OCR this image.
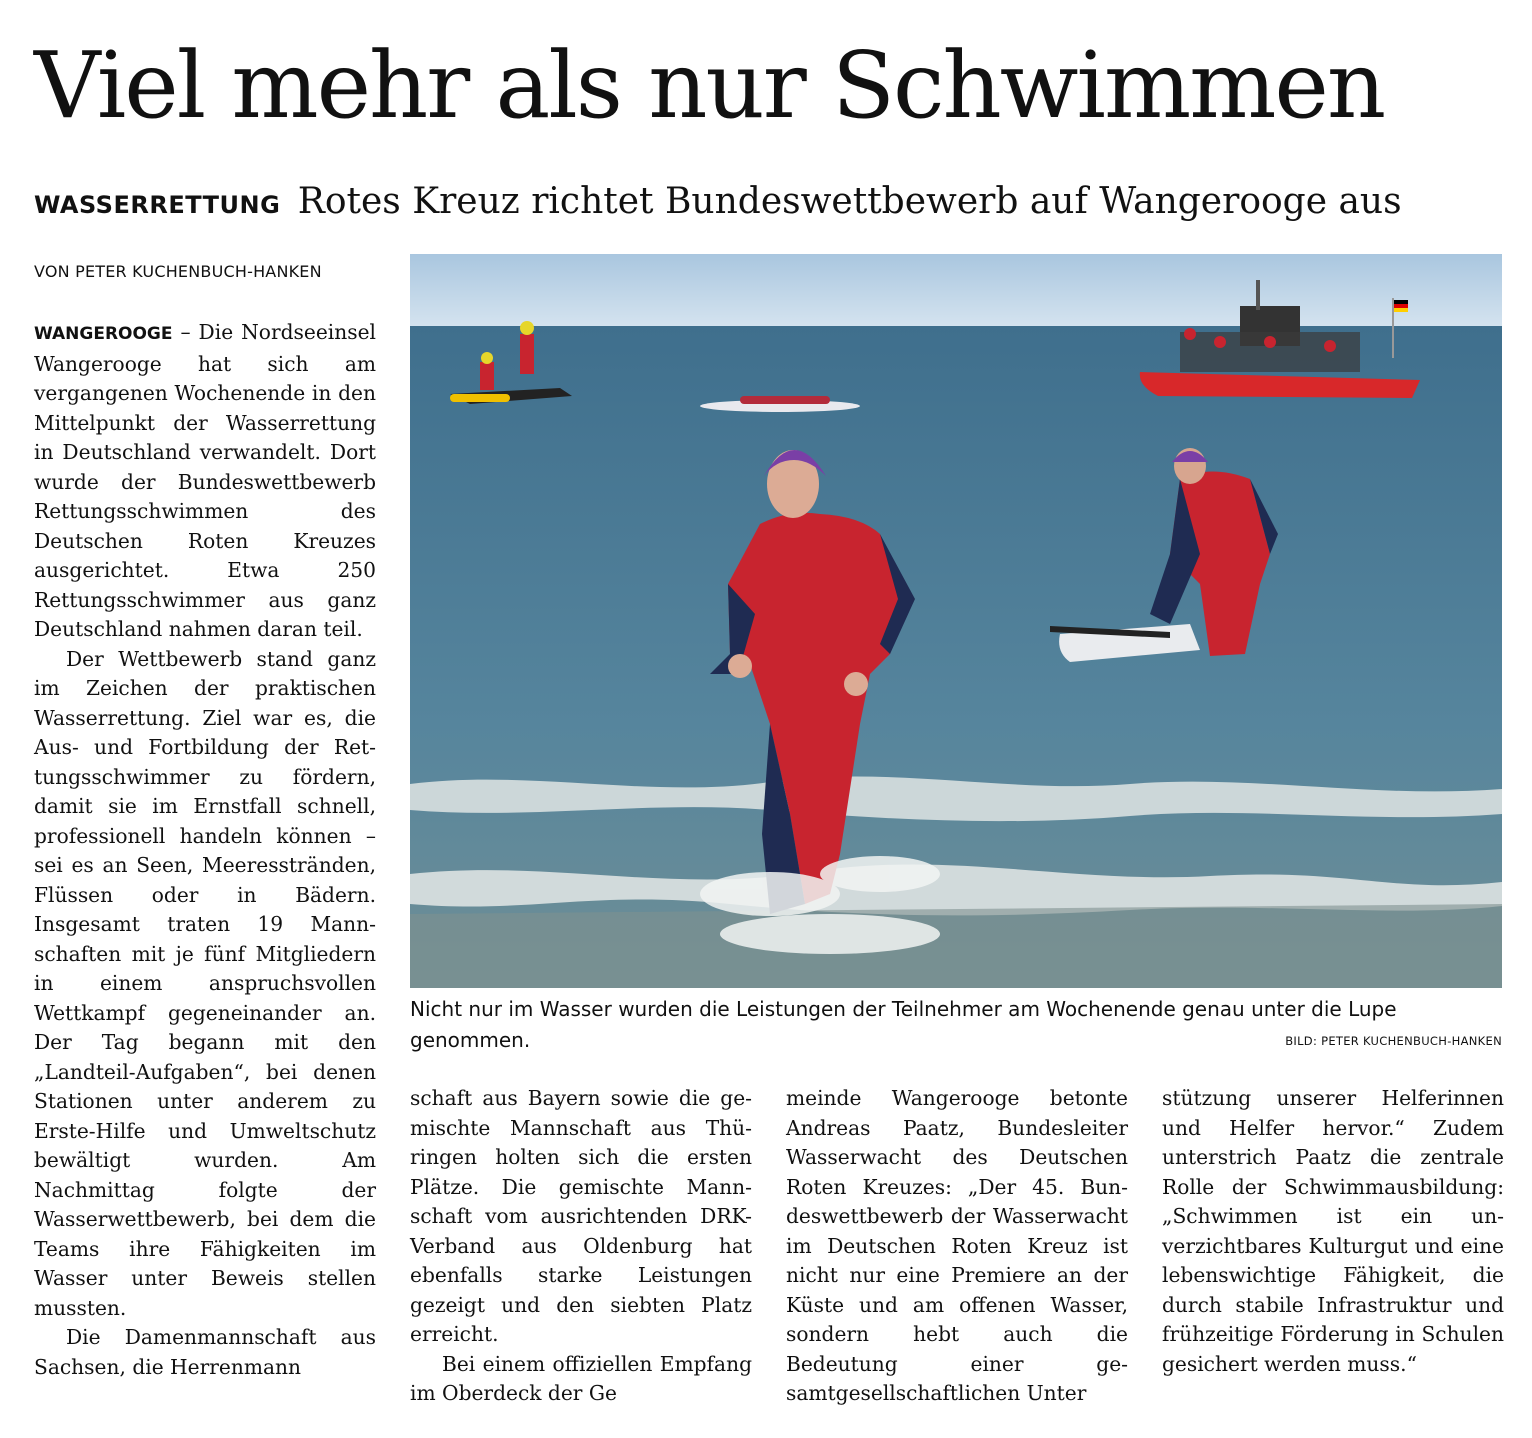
Viel mehr als nur Schwimmen
WASSERRETTUNG Rotes Kreuz richtet Bundeswettbewerb auf Wangerooge aus
VON PETER KUCHENBUCH-HANKEN

WANGEROOGE – Die Nordseeinsel Wangerooge hat sich am vergangenen Wochenende in den Mittelpunkt der Wasserrettung in Deutschland verwandelt. Dort wurde der Bundeswettbewerb Rettungsschwimmen des Deutschen Roten Kreuzes ausgerichtet. Etwa 250 Rettungsschwimmer aus ganz Deutschland nahmen daran teil.

Der Wettbewerb stand ganz im Zeichen der praktischen Wasserrettung. Ziel war es, die Aus- und Fortbildung der Rettungsschwimmer zu fördern, damit sie im Ernstfall schnell, professionell handeln können – sei es an Seen, Meeresstränden, Flüssen oder in Bädern. Insgesamt traten 19 Mannschaften mit je fünf Mitgliedern in einem anspruchsvollen Wettkampf gegeneinander an. Der Tag begann mit den „Landteil-Aufgaben“, bei denen Stationen unter anderem zu Erste-Hilfe und Umweltschutz bewältigt wurden. Am Nachmittag folgte der Wasserwettbewerb, bei dem die Teams ihre Fähigkeiten im Wasser unter Beweis stellen mussten.

Die Damenmannschaft aus Sachsen, die Herrenmann

Nicht nur im Wasser wurden die Leistungen der Teilnehmer am Wochenende genau unter die Lupe genommen.	BILD: PETER KUCHENBUCH-HANKEN

schaft aus Bayern sowie die gemischte Mannschaft aus Thüringen holten sich die ersten Plätze. Die gemischte Mannschaft vom ausrichtenden DRK-Verband aus Oldenburg hat ebenfalls starke Leistungen gezeigt und den siebten Platz erreicht.

Bei einem offiziellen Empfang im Oberdeck der Ge

meinde Wangerooge betonte Andreas Paatz, Bundesleiter Wasserwacht des Deutschen Roten Kreuzes: „Der 45. Bundeswettbewerb der Wasserwacht im Deutschen Roten Kreuz ist nicht nur eine Premiere an der Küste und am offenen Wasser, sondern hebt auch die Bedeutung einer gesamtgesellschaftlichen Unter

stützung unserer Helferinnen und Helfer hervor.“ Zudem unterstrich Paatz die zentrale Rolle der Schwimmausbildung: „Schwimmen ist ein unverzichtbares Kulturgut und eine lebenswichtige Fähigkeit, die durch stabile Infrastruktur und frühzeitige Förderung in Schulen gesichert werden muss.“
